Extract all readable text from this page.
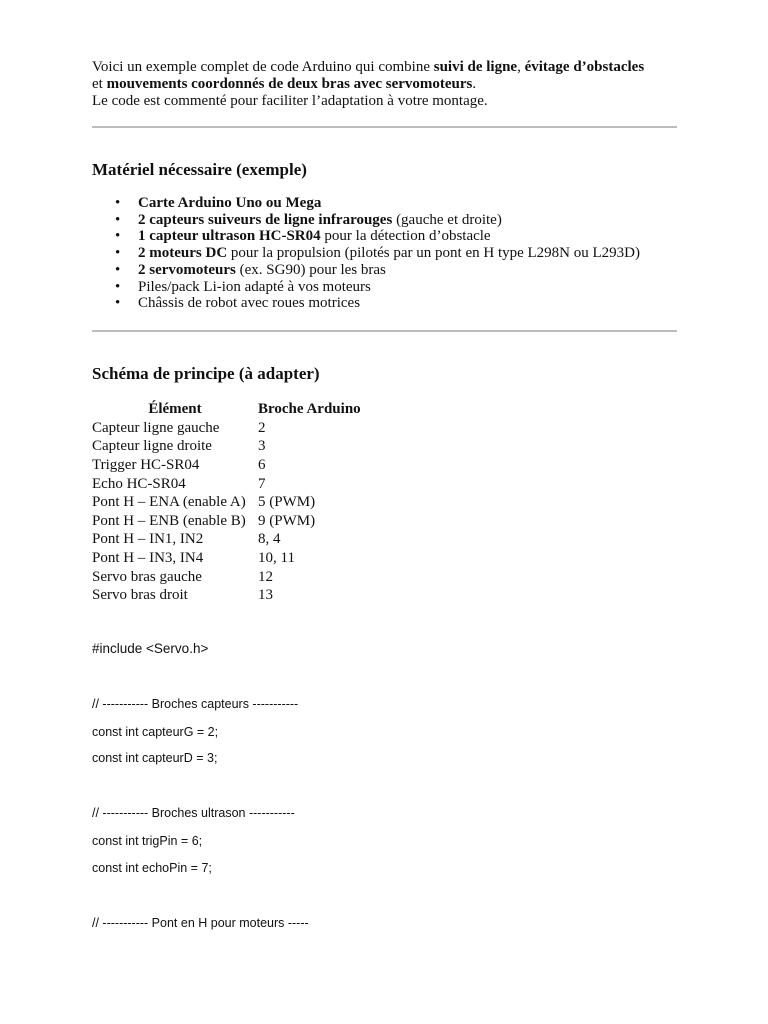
Voici un exemple complet de code Arduino qui combine suivi de ligne, évitage d’obstacles

et mouvements coordonnés de deux bras avec servomoteurs.

Le code est commenté pour faciliter l’adaptation à votre montage.

Matériel nécessaire (exemple)
• Carte Arduino Uno ou Mega
• 2 capteurs suiveurs de ligne infrarouges (gauche et droite)
• 1 capteur ultrason HC-SR04 pour la détection d’obstacle
• 2 moteurs DC pour la propulsion (pilotés par un pont en H type L298N ou L293D)
• 2 servomoteurs (ex. SG90) pour les bras
• Piles/pack Li-ion adapté à vos moteurs
• Châssis de robot avec roues motrices
Schéma de principe (à adapter)
Élément	Broche Arduino
Capteur ligne gauche	2
Capteur ligne droite	3
Trigger HC-SR04	6
Echo HC-SR04	7
Pont H – ENA (enable A)	5 (PWM)
Pont H – ENB (enable B)	9 (PWM)
Pont H – IN1, IN2	8, 4
Pont H – IN3, IN4	10, 11
Servo bras gauche	12
Servo bras droit	13
#include <Servo.h>
// ----------- Broches capteurs -----------
const int capteurG = 2;
const int capteurD = 3;
// ----------- Broches ultrason -----------
const int trigPin = 6;
const int echoPin = 7;
// ----------- Pont en H pour moteurs -----
